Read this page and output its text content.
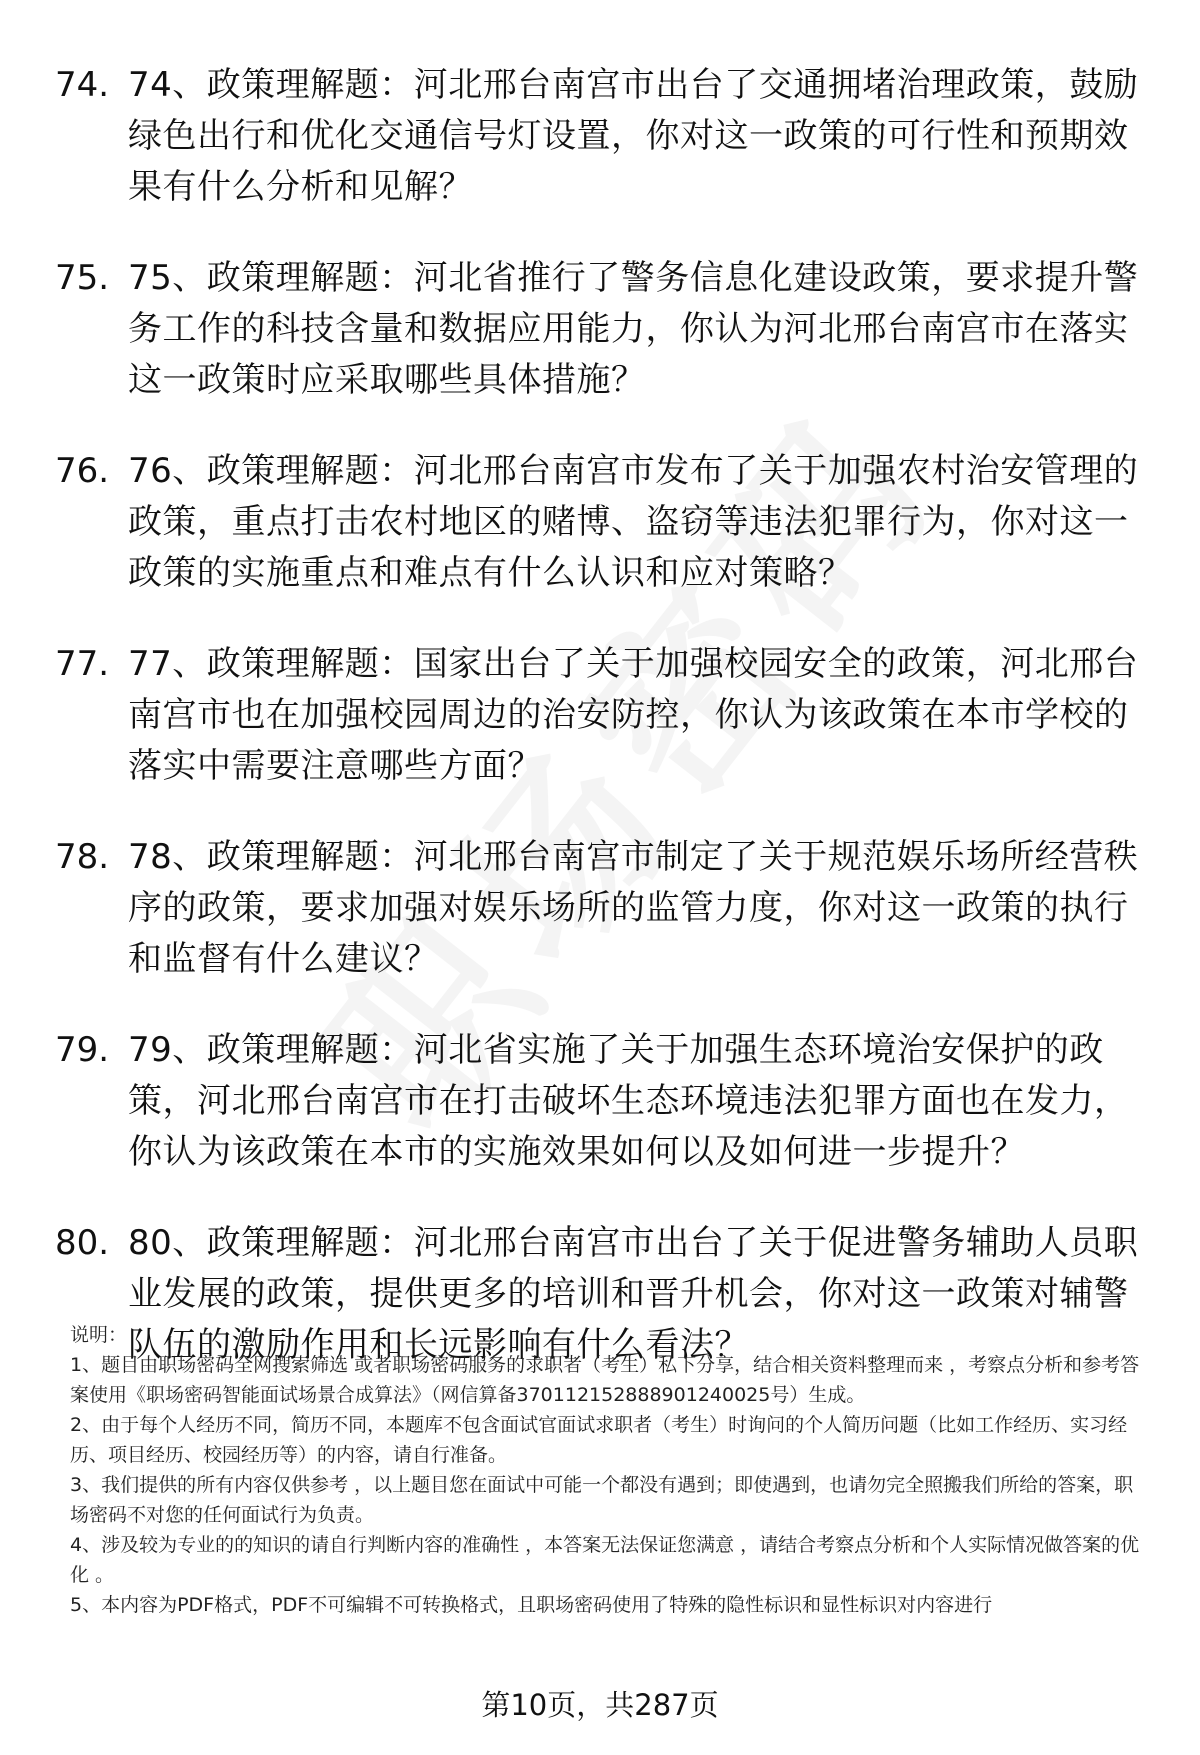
74. 74、政策理解题：河北邢台南宫市出台了交通拥堵治理政策，鼓励绿色出行和优化交通信号灯设置，你对这一政策的可行性和预期效果有什么分析和见解？
75. 75、政策理解题：河北省推行了警务信息化建设政策，要求提升警务工作的科技含量和数据应用能力，你认为河北邢台南宫市在落实这一政策时应采取哪些具体措施？
76. 76、政策理解题：河北邢台南宫市发布了关于加强农村治安管理的政策，重点打击农村地区的赌博、盗窃等违法犯罪行为，你对这一政策的实施重点和难点有什么认识和应对策略？
77. 77、政策理解题：国家出台了关于加强校园安全的政策，河北邢台南宫市也在加强校园周边的治安防控，你认为该政策在本市学校的落实中需要注意哪些方面？
78. 78、政策理解题：河北邢台南宫市制定了关于规范娱乐场所经营秩序的政策，要求加强对娱乐场所的监管力度，你对这一政策的执行和监督有什么建议？
79. 79、政策理解题：河北省实施了关于加强生态环境治安保护的政策，河北邢台南宫市在打击破坏生态环境违法犯罪方面也在发力，你认为该政策在本市的实施效果如何以及如何进一步提升？
80. 80、政策理解题：河北邢台南宫市出台了关于促进警务辅助人员职业发展的政策，提供更多的培训和晋升机会，你对这一政策对辅警队伍的激励作用和长远影响有什么看法？

说明：

1、题目由职场密码全网搜索筛选 或者职场密码服务的求职者（考生）私下分享，结合相关资料整理而来 ，考察点分析和参考答案使用《职场密码智能面试场景合成算法》（网信算备370112152888901240025号）生成。

2、由于每个人经历不同，简历不同，本题库不包含面试官面试求职者（考生）时询问的个人简历问题（比如工作经历、实习经历、项目经历、校园经历等）的内容，请自行准备。

3、我们提供的所有内容仅供参考 ，以上题目您在面试中可能一个都没有遇到；即使遇到，也请勿完全照搬我们所给的答案，职场密码不对您的任何面试行为负责。

4、涉及较为专业的的知识的请自行判断内容的准确性 ，本答案无法保证您满意 ，请结合考察点分析和个人实际情况做答案的优化 。

5、本内容为PDF格式，PDF不可编辑不可转换格式，且职场密码使用了特殊的隐性标识和显性标识对内容进行

第10页，共287页
